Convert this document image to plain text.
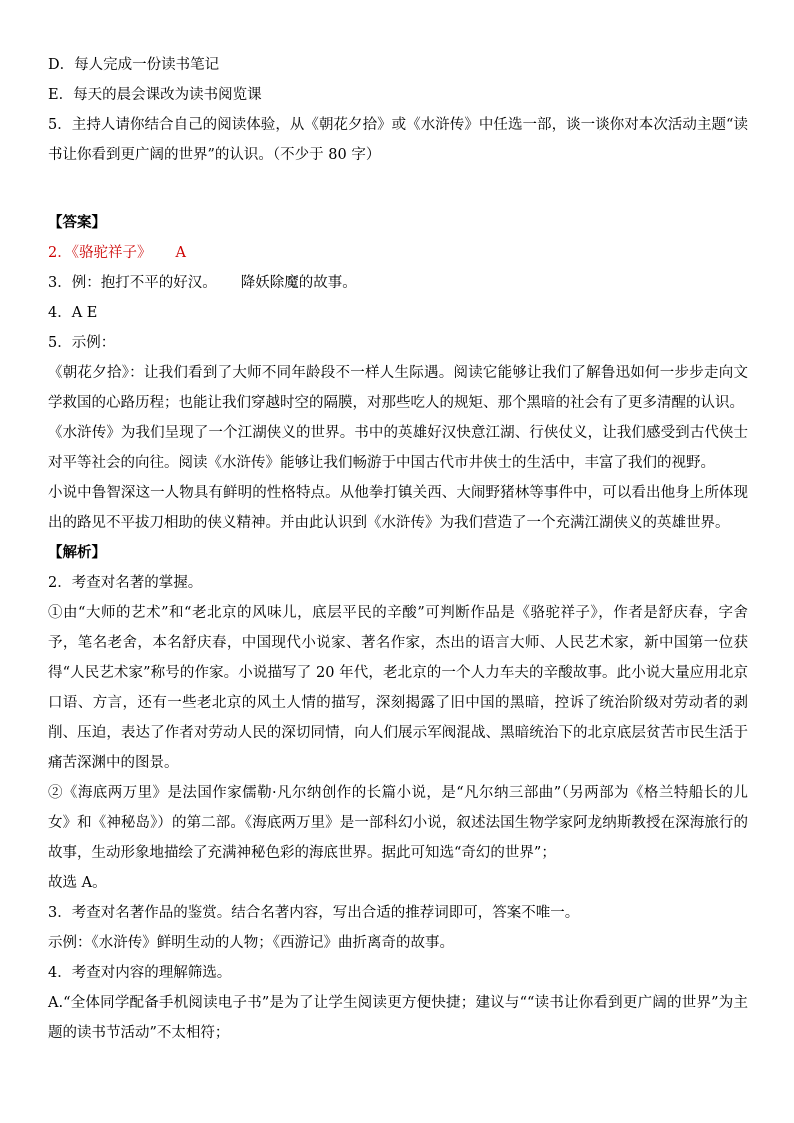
D．每人完成一份读书笔记
E．每天的晨会课改为读书阅览课
5．主持人请你结合自己的阅读体验，从《朝花夕拾》或《水浒传》中任选一部，谈一谈你对本次活动主题“读书让你看到更广阔的世界”的认识。（不少于 80 字）
【答案】
2．《骆驼祥子》 A
3．例：抱打不平的好汉。 降妖除魔的故事。
4．A E
5．示例：
《朝花夕拾》：让我们看到了大师不同年龄段不一样人生际遇。阅读它能够让我们了解鲁迅如何一步步走向文学救国的心路历程；也能让我们穿越时空的隔膜，对那些吃人的规矩、那个黑暗的社会有了更多清醒的认识。
《水浒传》为我们呈现了一个江湖侠义的世界。书中的英雄好汉快意江湖、行侠仗义，让我们感受到古代侠士对平等社会的向往。阅读《水浒传》能够让我们畅游于中国古代市井侠士的生活中，丰富了我们的视野。
小说中鲁智深这一人物具有鲜明的性格特点。从他拳打镇关西、大闹野猪林等事件中，可以看出他身上所体现出的路见不平拔刀相助的侠义精神。并由此认识到《水浒传》为我们营造了一个充满江湖侠义的英雄世界。
【解析】
2．考查对名著的掌握。
①由“大师的艺术”和“老北京的风味儿，底层平民的辛酸”可判断作品是《骆驼祥子》，作者是舒庆春，字舍予，笔名老舍，本名舒庆春，中国现代小说家、著名作家，杰出的语言大师、人民艺术家，新中国第一位获得“人民艺术家”称号的作家。小说描写了 20 年代，老北京的一个人力车夫的辛酸故事。此小说大量应用北京口语、方言，还有一些老北京的风土人情的描写，深刻揭露了旧中国的黑暗，控诉了统治阶级对劳动者的剥削、压迫，表达了作者对劳动人民的深切同情，向人们展示军阀混战、黑暗统治下的北京底层贫苦市民生活于痛苦深渊中的图景。
②《海底两万里》是法国作家儒勒·凡尔纳创作的长篇小说，是“凡尔纳三部曲”（另两部为《格兰特船长的儿女》和《神秘岛》）的第二部。《海底两万里》是一部科幻小说，叙述法国生物学家阿龙纳斯教授在深海旅行的故事，生动形象地描绘了充满神秘色彩的海底世界。据此可知选“奇幻的世界”；
故选 A。
3．考查对名著作品的鉴赏。结合名著内容，写出合适的推荐词即可，答案不唯一。
示例：《水浒传》鲜明生动的人物；《西游记》曲折离奇的故事。
4．考查对内容的理解筛选。
A.“全体同学配备手机阅读电子书”是为了让学生阅读更方便快捷；建议与““读书让你看到更广阔的世界”为主题的读书节活动”不太相符；
